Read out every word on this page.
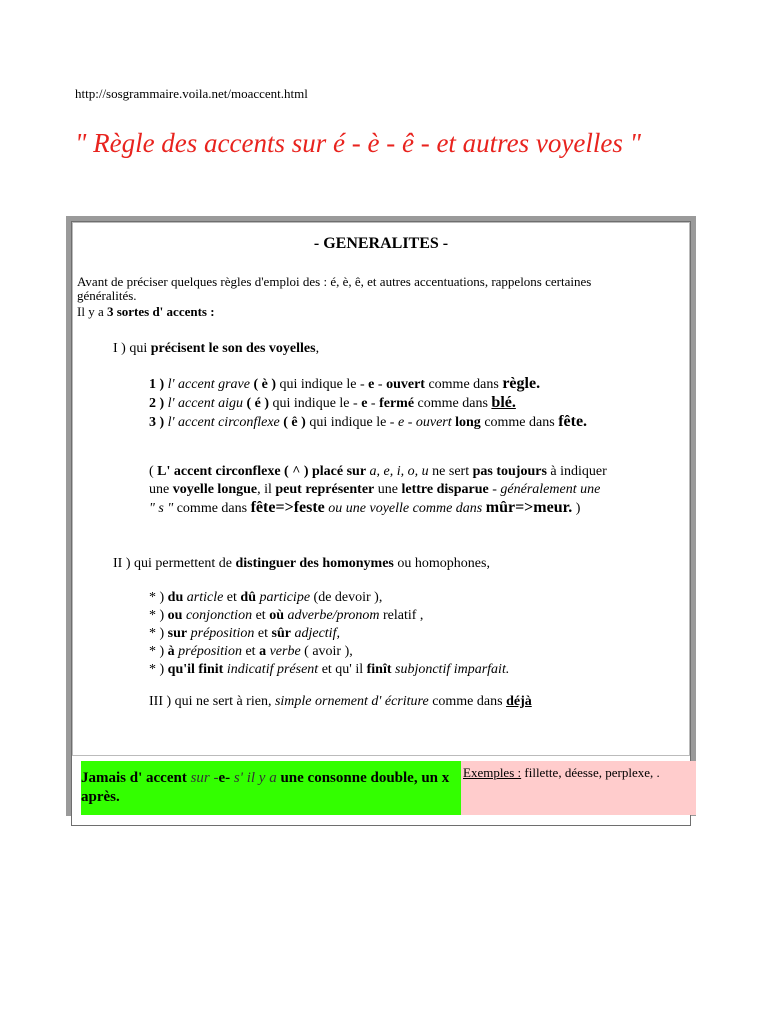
http://sosgrammaire.voila.net/moaccent.html
" Règle des accents sur é - è - ê - et autres voyelles "
- GENERALITES -
Avant de préciser quelques règles d'emploi des : é, è, ê, et autres accentuations, rappelons certaines
généralités.
Il y a 3 sortes d' accents :
I ) qui précisent le son des voyelles,
1 ) l' accent grave ( è ) qui indique le - e - ouvert comme dans règle.
2 ) l' accent aigu ( é ) qui indique le - e - fermé comme dans blé.
3 ) l' accent circonflexe ( ê ) qui indique le - e - ouvert long comme dans fête.
( L' accent circonflexe ( ^ ) placé sur a, e, i, o, u ne sert pas toujours à indiquer une voyelle longue, il peut représenter une lettre disparue - généralement une " s " comme dans fête=>feste ou une voyelle comme dans mûr=>meur. )
II ) qui permettent de distinguer des homonymes ou homophones,
* ) du article et dû participe (de devoir ),
* ) ou conjonction et où adverbe/pronom relatif ,
* ) sur préposition et sûr adjectif,
* ) à préposition et a verbe ( avoir ),
* ) qu'il finit indicatif présent et qu' il finît subjonctif imparfait.
III ) qui ne sert à rien, simple ornement d' écriture comme dans déjà
Jamais d' accent sur -e- s' il y a une consonne double, un x après.
Exemples : fillette, déesse, perplexe, .
